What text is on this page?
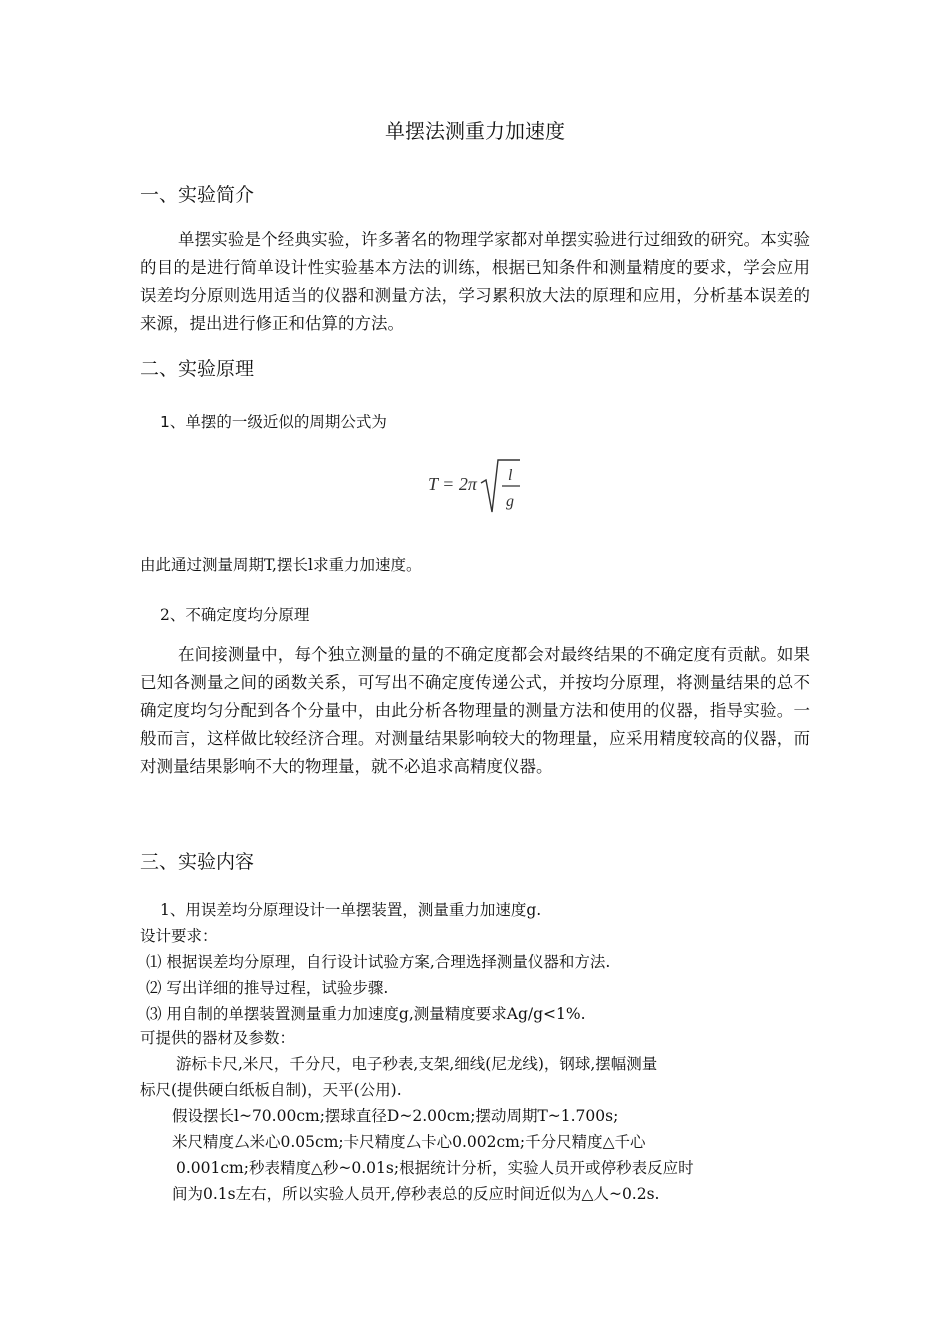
单摆法测重力加速度
一、实验简介
单摆实验是个经典实验，许多著名的物理学家都对单摆实验进行过细致的研究。本实验的目的是进行简单设计性实验基本方法的训练，根据已知条件和测量精度的要求，学会应用误差均分原则选用适当的仪器和测量方法，学习累积放大法的原理和应用，分析基本误差的来源，提出进行修正和估算的方法。
二、实验原理
1、单摆的一级近似的周期公式为
T = 2π l
g
由此通过测量周期T,摆长l求重力加速度。
2、不确定度均分原理
在间接测量中，每个独立测量的量的不确定度都会对最终结果的不确定度有贡献。如果已知各测量之间的函数关系，可写出不确定度传递公式，并按均分原理，将测量结果的总不确定度均匀分配到各个分量中，由此分析各物理量的测量方法和使用的仪器，指导实验。一般而言，这样做比较经济合理。对测量结果影响较大的物理量，应采用精度较高的仪器，而对测量结果影响不大的物理量，就不必追求高精度仪器。
三、实验内容
1、用误差均分原理设计一单摆装置，测量重力加速度g.
设计要求：
⑴ 根据误差均分原理，自行设计试验方案,合理选择测量仪器和方法.
⑵ 写出详细的推导过程，试验步骤.
⑶ 用自制的单摆装置测量重力加速度g,测量精度要求Ag/g<1%.
可提供的器材及参数：
游标卡尺,米尺，千分尺，电子秒表,支架,细线(尼龙线)，钢球,摆幅测量
标尺(提供硬白纸板自制)，天平(公用).
假设摆长l~70.00cm;摆球直径D~2.00cm;摆动周期T~1.700s;
米尺精度厶米心0.05cm;卡尺精度厶卡心0.002cm;千分尺精度△千心
0.001cm;秒表精度△秒~0.01s;根据统计分析，实验人员开或停秒表反应时
间为0.1s左右，所以实验人员开,停秒表总的反应时间近似为△人~0.2s.
